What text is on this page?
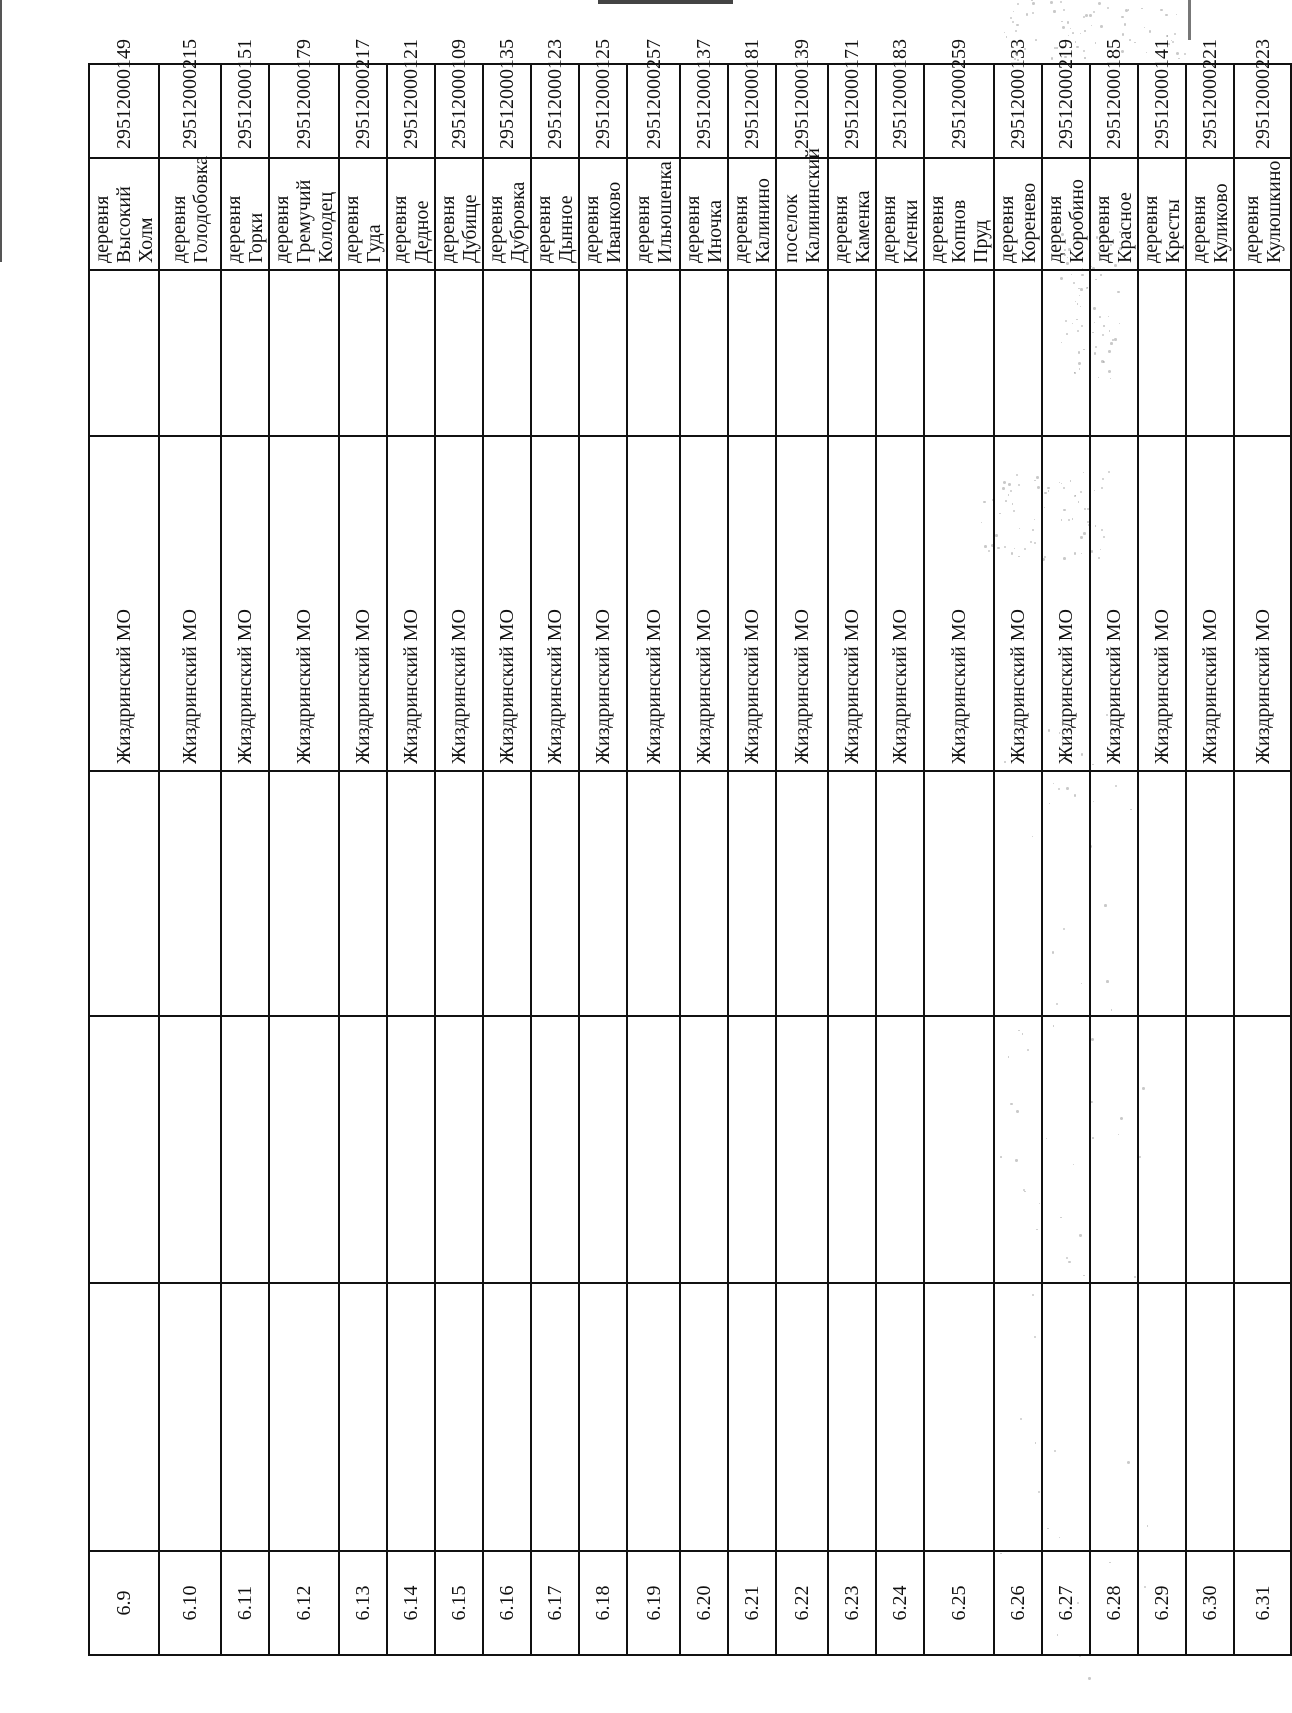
6.9				Жиздринский МО		деревня Высокий Холм	29512000149
6.10				Жиздринский МО		деревня Голодобовка	29512000215
6.11				Жиздринский МО		деревня Горки	29512000151
6.12				Жиздринский МО		деревня Гремучий Колодец	29512000179
6.13				Жиздринский МО		деревня Гуда	29512000217
6.14				Жиздринский МО		деревня Дедное	29512000121
6.15				Жиздринский МО		деревня Дубище	29512000109
6.16				Жиздринский МО		деревня Дубровка	29512000135
6.17				Жиздринский МО		деревня Дынное	29512000123
6.18				Жиздринский МО		деревня Иванково	29512000125
6.19				Жиздринский МО		деревня Ильюшенка	29512000257
6.20				Жиздринский МО		деревня Иночка	29512000137
6.21				Жиздринский МО		деревня Калинино	29512000181
6.22				Жиздринский МО		поселок Калининский	29512000139
6.23				Жиздринский МО		деревня Каменка	29512000171
6.24				Жиздринский МО		деревня Кленки	29512000183
6.25				Жиздринский МО		деревня Копнов Пруд	29512000259
6.26				Жиздринский МО		деревня Коренево	29512000133
6.27				Жиздринский МО		деревня Коробино	29512000219
6.28				Жиздринский МО		деревня Красное	29512000185
6.29				Жиздринский МО		деревня Кресты	29512000141
6.30				Жиздринский МО		деревня Куликово	29512000221
6.31				Жиздринский МО		деревня Кулюшкино	29512000223
